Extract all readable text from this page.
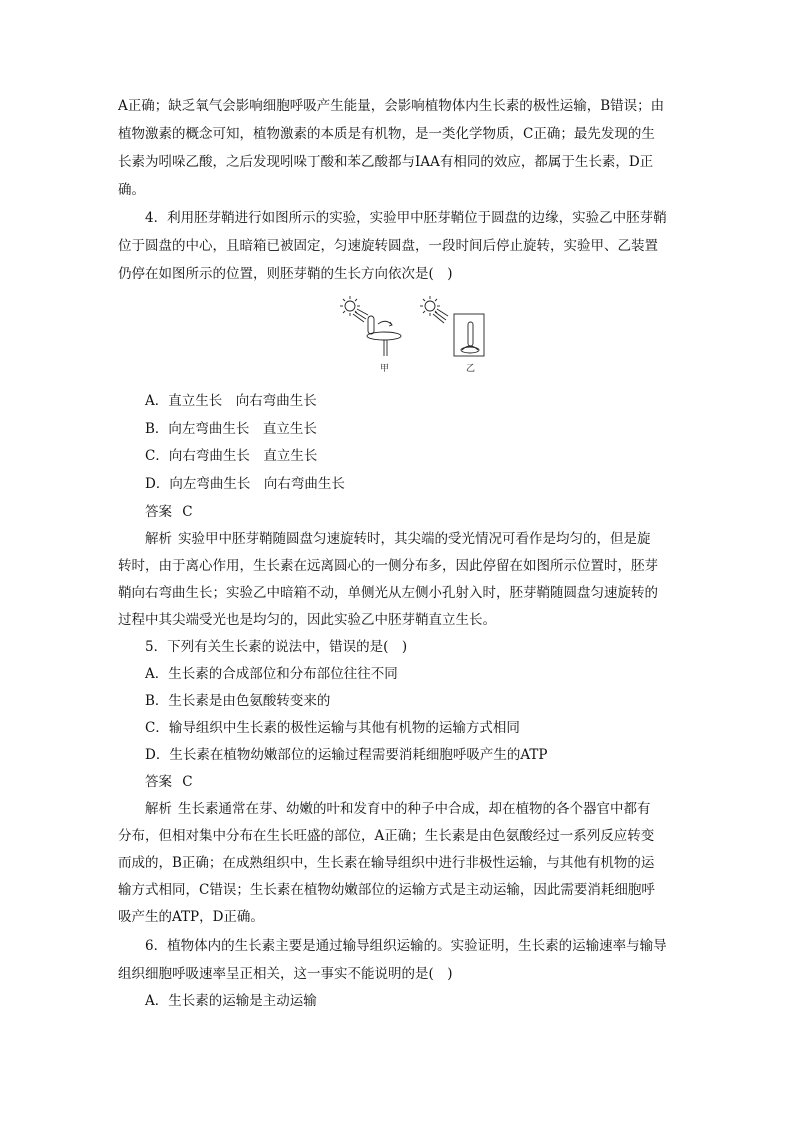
A正确；缺乏氧气会影响细胞呼吸产生能量，会影响植物体内生长素的极性运输，B错误；由
植物激素的概念可知，植物激素的本质是有机物，是一类化学物质，C正确；最先发现的生
长素为吲哚乙酸，之后发现吲哚丁酸和苯乙酸都与IAA有相同的效应，都属于生长素，D正
确。
4．利用胚芽鞘进行如图所示的实验，实验甲中胚芽鞘位于圆盘的边缘，实验乙中胚芽鞘
位于圆盘的中心，且暗箱已被固定，匀速旋转圆盘，一段时间后停止旋转，实验甲、乙装置
仍停在如图所示的位置，则胚芽鞘的生长方向依次是(　)
甲	乙
A．直立生长　向右弯曲生长
B．向左弯曲生长　直立生长
C．向右弯曲生长　直立生长
D．向左弯曲生长　向右弯曲生长
答案 C
解析 实验甲中胚芽鞘随圆盘匀速旋转时，其尖端的受光情况可看作是均匀的，但是旋
转时，由于离心作用，生长素在远离圆心的一侧分布多，因此停留在如图所示位置时，胚芽
鞘向右弯曲生长；实验乙中暗箱不动，单侧光从左侧小孔射入时，胚芽鞘随圆盘匀速旋转的
过程中其尖端受光也是均匀的，因此实验乙中胚芽鞘直立生长。
5．下列有关生长素的说法中，错误的是(　)
A．生长素的合成部位和分布部位往往不同
B．生长素是由色氨酸转变来的
C．输导组织中生长素的极性运输与其他有机物的运输方式相同
D．生长素在植物幼嫩部位的运输过程需要消耗细胞呼吸产生的ATP
答案 C
解析 生长素通常在芽、幼嫩的叶和发育中的种子中合成，却在植物的各个器官中都有
分布，但相对集中分布在生长旺盛的部位，A正确；生长素是由色氨酸经过一系列反应转变
而成的，B正确；在成熟组织中，生长素在输导组织中进行非极性运输，与其他有机物的运
输方式相同，C错误；生长素在植物幼嫩部位的运输方式是主动运输，因此需要消耗细胞呼
吸产生的ATP，D正确。
6．植物体内的生长素主要是通过输导组织运输的。实验证明，生长素的运输速率与输导
组织细胞呼吸速率呈正相关，这一事实不能说明的是(　)
A．生长素的运输是主动运输
